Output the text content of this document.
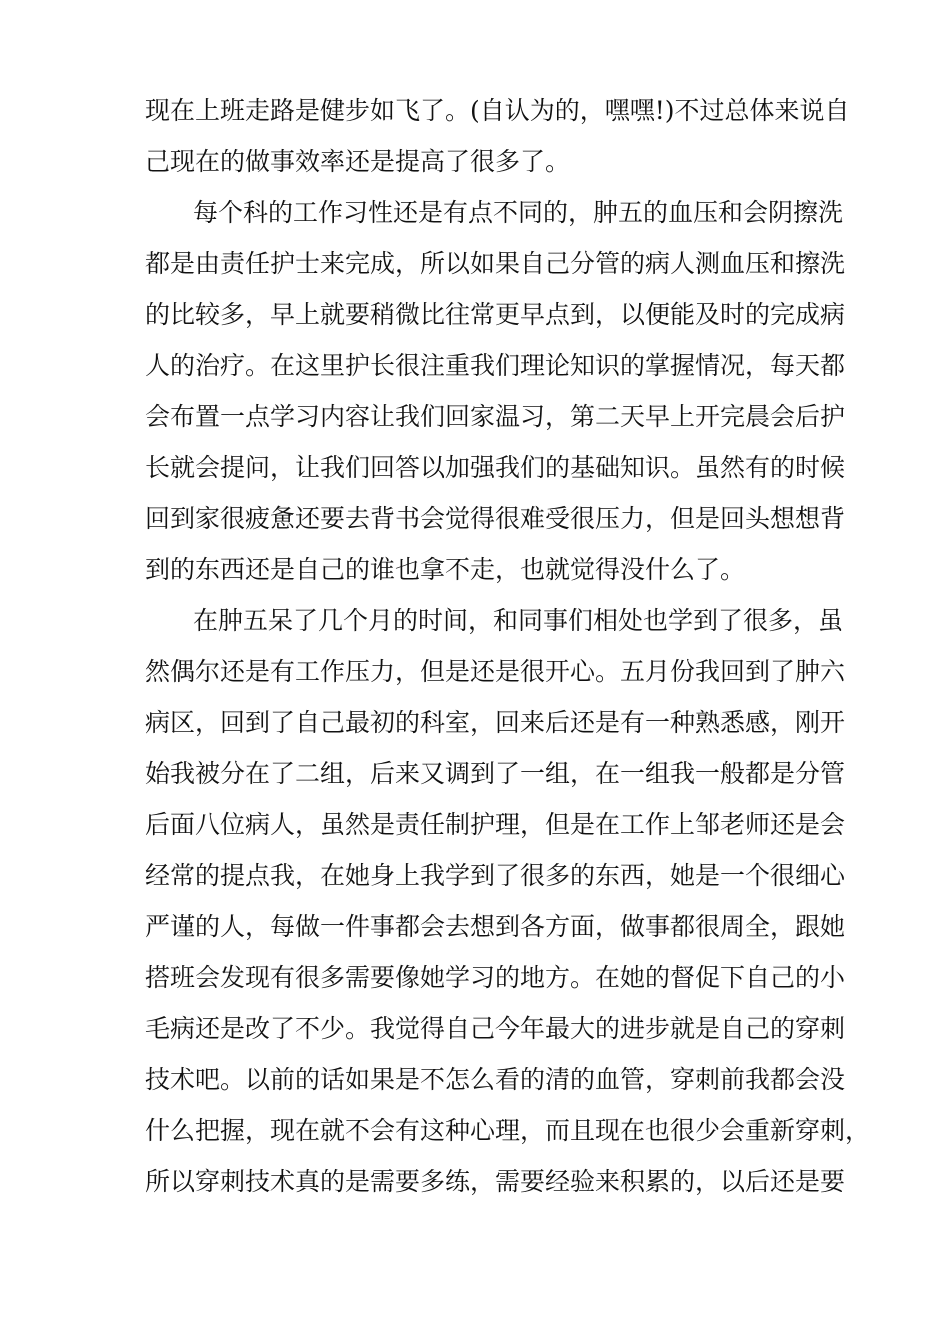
现在上班走路是健步如飞了。(自认为的，嘿嘿!)不过总体来说自
己现在的做事效率还是提高了很多了。
每个科的工作习性还是有点不同的，肿五的血压和会阴擦洗
都是由责任护士来完成，所以如果自己分管的病人测血压和擦洗
的比较多，早上就要稍微比往常更早点到，以便能及时的完成病
人的治疗。在这里护长很注重我们理论知识的掌握情况，每天都
会布置一点学习内容让我们回家温习，第二天早上开完晨会后护
长就会提问，让我们回答以加强我们的基础知识。虽然有的时候
回到家很疲惫还要去背书会觉得很难受很压力，但是回头想想背
到的东西还是自己的谁也拿不走，也就觉得没什么了。
在肿五呆了几个月的时间，和同事们相处也学到了很多，虽
然偶尔还是有工作压力，但是还是很开心。五月份我回到了肿六
病区，回到了自己最初的科室，回来后还是有一种熟悉感，刚开
始我被分在了二组，后来又调到了一组，在一组我一般都是分管
后面八位病人，虽然是责任制护理，但是在工作上邹老师还是会
经常的提点我，在她身上我学到了很多的东西，她是一个很细心
严谨的人，每做一件事都会去想到各方面，做事都很周全，跟她
搭班会发现有很多需要像她学习的地方。在她的督促下自己的小
毛病还是改了不少。我觉得自己今年最大的进步就是自己的穿刺
技术吧。以前的话如果是不怎么看的清的血管，穿刺前我都会没
什么把握，现在就不会有这种心理，而且现在也很少会重新穿刺，
所以穿刺技术真的是需要多练，需要经验来积累的，以后还是要
